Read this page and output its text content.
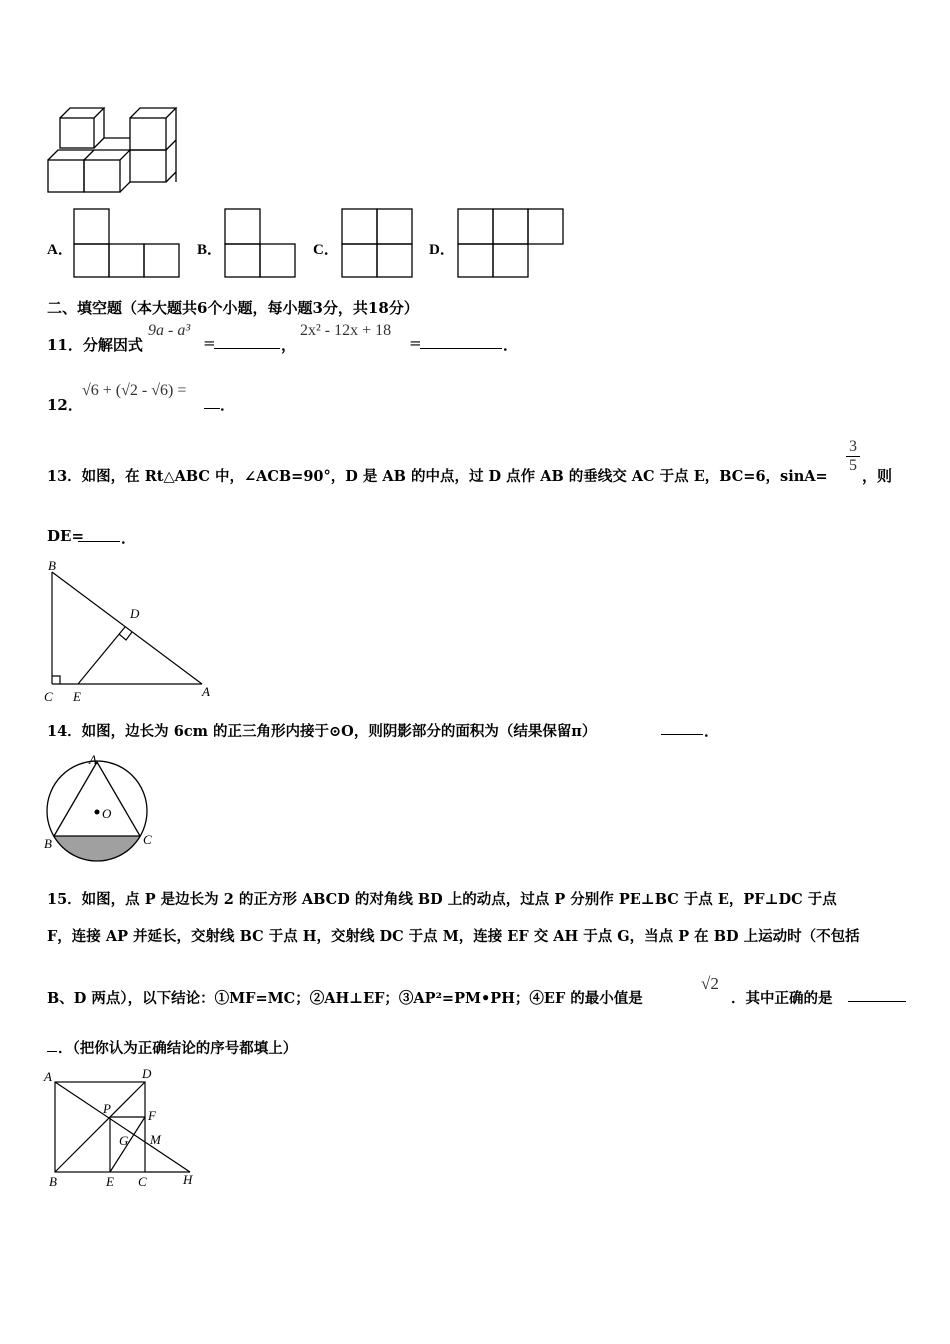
A．	B．	C．	D．
二、填空题（本大题共6个小题，每小题3分，共18分）
11．分解因式
9a - a³
=	，
2x² - 12x + 18
=	．
12．
√6 + (√2 - √6) =
．
13．如图，在 Rt△ABC 中，∠ACB=90°，D 是 AB 的中点，过 D 点作 AB 的垂线交 AC 于点 E，BC=6，sinA=
3
5
，则
DE= ．
B
D
C E	A
14．如图，边长为 6cm 的正三角形内接于⊙O，则阴影部分的面积为（结果保留π）	．
A
O
B	C
15．如图，点 P 是边长为 2 的正方形 ABCD 的对角线 BD 上的动点，过点 P 分别作 PE⊥BC 于点 E，PF⊥DC 于点
F，连接 AP 并延长，交射线 BC 于点 H，交射线 DC 于点 M，连接 EF 交 AH 于点 G，当点 P 在 BD 上运动时（不包括
B、D 两点），以下结论：①MF=MC；②AH⊥EF；③AP²=PM•PH；④EF 的最小值是
√2
．其中正确的是
．（把你认为正确结论的序号都填上）
A	D
P	F
G M
B	E C	H
